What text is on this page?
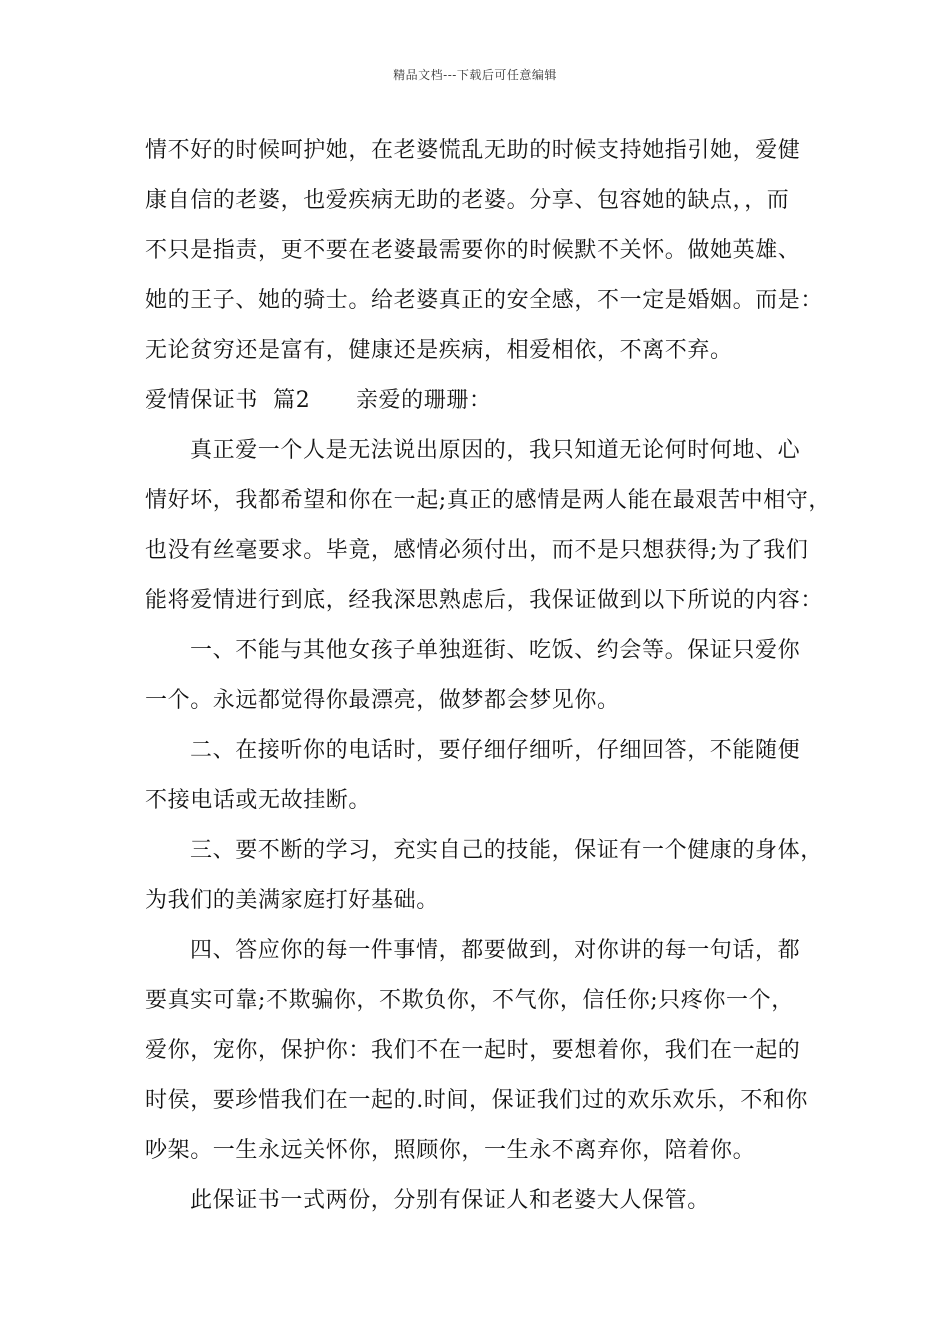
精品文档---下载后可任意编辑
情不好的时候呵护她，在老婆慌乱无助的时候支持她指引她，爱健
康自信的老婆，也爱疾病无助的老婆。分享、包容她的缺点，，而
不只是指责，更不要在老婆最需要你的时候默不关怀。做她英雄、
她的王子、她的骑士。给老婆真正的安全感，不一定是婚姻。而是：
无论贫穷还是富有，健康还是疾病，相爱相依，不离不弃。
爱情保证书  篇2      亲爱的珊珊：
真正爱一个人是无法说出原因的，我只知道无论何时何地、心
情好坏，我都希望和你在一起;真正的感情是两人能在最艰苦中相守，
也没有丝毫要求。毕竟，感情必须付出，而不是只想获得;为了我们
能将爱情进行到底，经我深思熟虑后，我保证做到以下所说的内容：
一、不能与其他女孩子单独逛街、吃饭、约会等。保证只爱你
一个。永远都觉得你最漂亮，做梦都会梦见你。
二、在接听你的电话时，要仔细仔细听，仔细回答，不能随便
不接电话或无故挂断。
三、要不断的学习，充实自己的技能，保证有一个健康的身体，
为我们的美满家庭打好基础。
四、答应你的每一件事情，都要做到，对你讲的每一句话，都
要真实可靠;不欺骗你，不欺负你，不气你，信任你;只疼你一个，
爱你，宠你，保护你：我们不在一起时，要想着你，我们在一起的
时侯，要珍惜我们在一起的.时间，保证我们过的欢乐欢乐，不和你
吵架。一生永远关怀你，照顾你，一生永不离弃你，陪着你。
此保证书一式两份，分别有保证人和老婆大人保管。
